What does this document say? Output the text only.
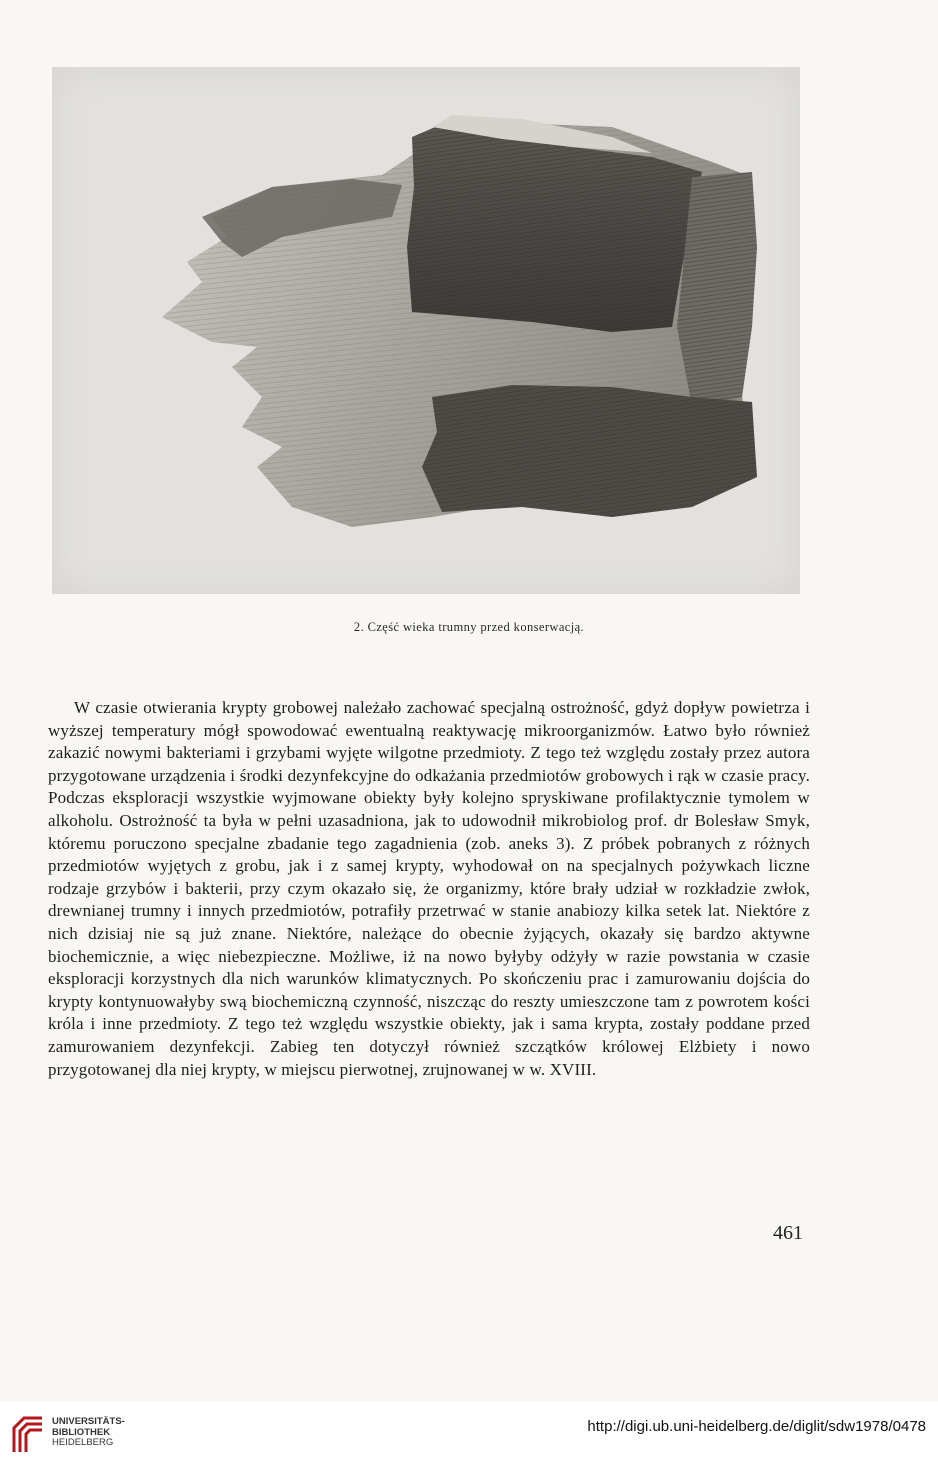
2. Część wieka trumny przed konserwacją.

W czasie otwierania krypty grobowej należało zachować specjalną ostrożność, gdyż dopływ powietrza i wyższej temperatury mógł spowodować ewentualną reaktywację mikroorganizmów. Łatwo było również zakazić nowymi bakteriami i grzybami wyjęte wilgotne przedmioty. Z tego też względu zostały przez autora przygotowane urządzenia i środki dezynfekcyjne do odkażania przedmiotów grobowych i rąk w czasie pracy. Podczas eksploracji wszystkie wyjmowane obiekty były kolejno spryskiwane profilaktycznie tymolem w alkoholu. Ostrożność ta była w pełni uzasadniona, jak to udowodnił mikrobiolog prof. dr Bolesław Smyk, któremu poruczono specjalne zbadanie tego zagadnienia (zob. aneks 3). Z próbek pobranych z różnych przedmiotów wyjętych z grobu, jak i z samej krypty, wyhodował on na specjalnych pożywkach liczne rodzaje grzybów i bakterii, przy czym okazało się, że organizmy, które brały udział w rozkładzie zwłok, drewnianej trumny i innych przedmiotów, potrafiły przetrwać w stanie anabiozy kilka setek lat. Niektóre z nich dzisiaj nie są już znane. Niektóre, należące do obecnie żyjących, okazały się bardzo aktywne biochemicznie, a więc niebezpieczne. Możliwe, iż na nowo byłyby odżyły w razie powstania w czasie eksploracji korzystnych dla nich warunków klimatycznych. Po skończeniu prac i zamurowaniu dojścia do krypty kontynuowałyby swą biochemiczną czynność, niszcząc do reszty umieszczone tam z powrotem kości króla i inne przedmioty. Z tego też względu wszystkie obiekty, jak i sama krypta, zostały poddane przed zamurowaniem dezynfekcji. Zabieg ten dotyczył również szczątków królowej Elżbiety i nowo przygotowanej dla niej krypty, w miejscu pierwotnej, zrujnowanej w w. XVIII.

461
UNIVERSITÄTS-
BIBLIOTHEK
HEIDELBERG
http://digi.ub.uni-heidelberg.de/diglit/sdw1978/0478
